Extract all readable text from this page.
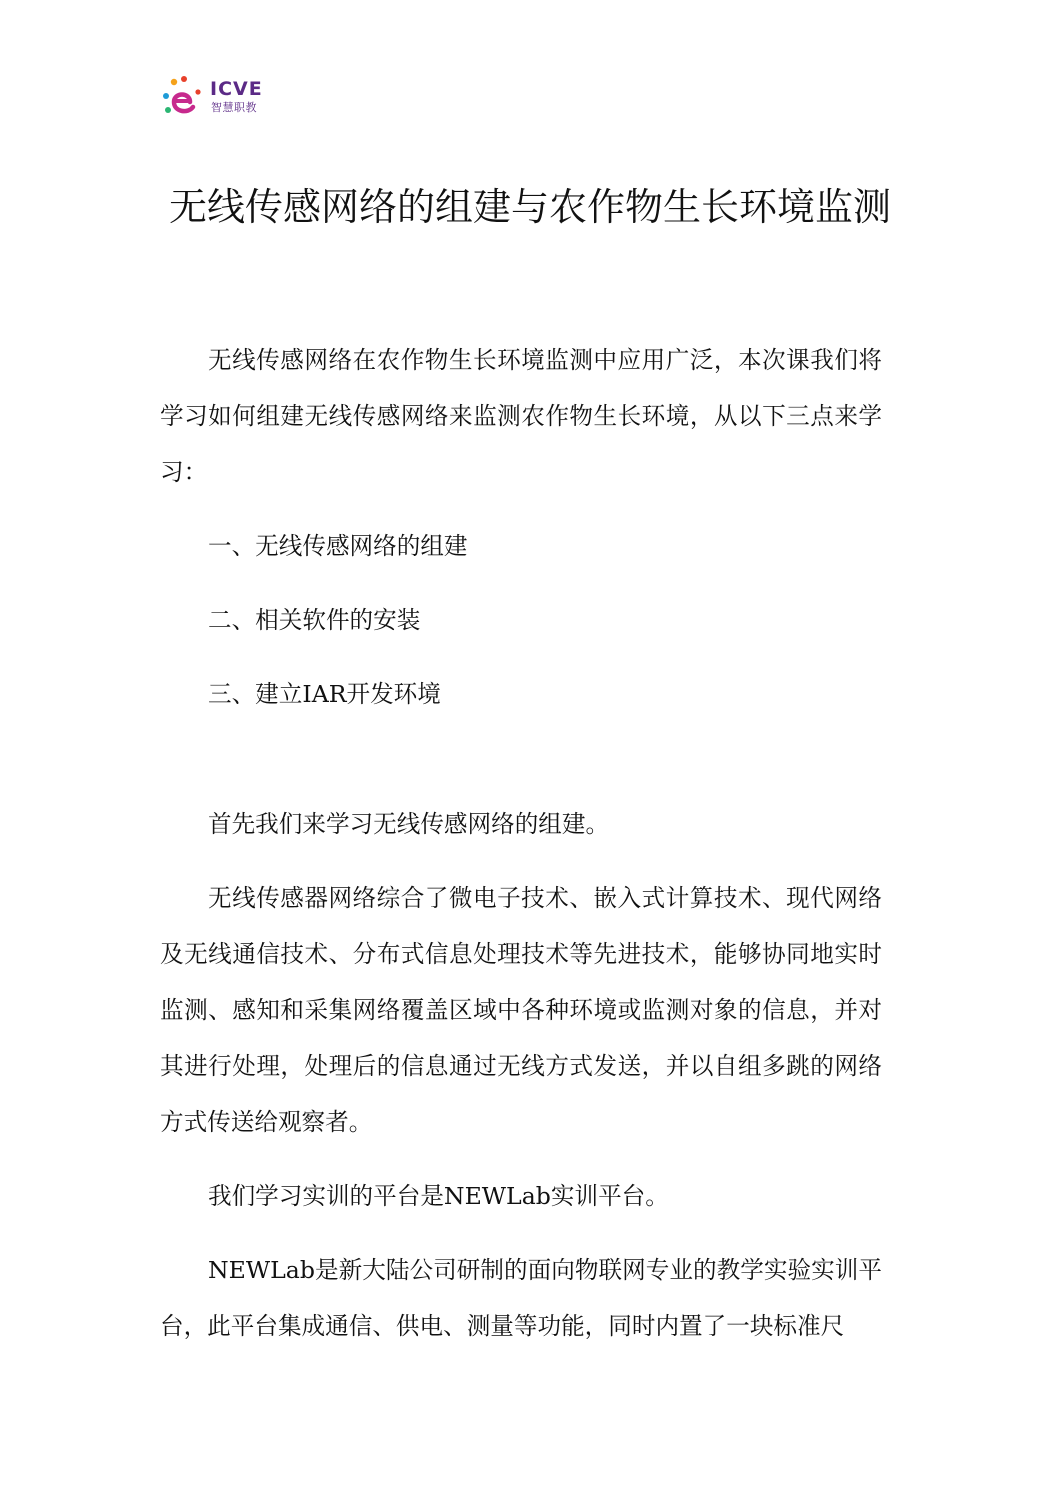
ICVE
智慧职教
无线传感网络的组建与农作物生长环境监测

无线传感网络在农作物生长环境监测中应用广泛，本次课我们将学习如何组建无线传感网络来监测农作物生长环境，从以下三点来学习：

一、无线传感网络的组建

二、相关软件的安装

三、建立IAR开发环境

首先我们来学习无线传感网络的组建。

无线传感器网络综合了微电子技术、嵌入式计算技术、现代网络及无线通信技术、分布式信息处理技术等先进技术，能够协同地实时监测、感知和采集网络覆盖区域中各种环境或监测对象的信息，并对其进行处理，处理后的信息通过无线方式发送，并以自组多跳的网络方式传送给观察者。

我们学习实训的平台是NEWLab实训平台。

NEWLab是新大陆公司研制的面向物联网专业的教学实验实训平台，此平台集成通信、供电、测量等功能，同时内置了一块标准尺
